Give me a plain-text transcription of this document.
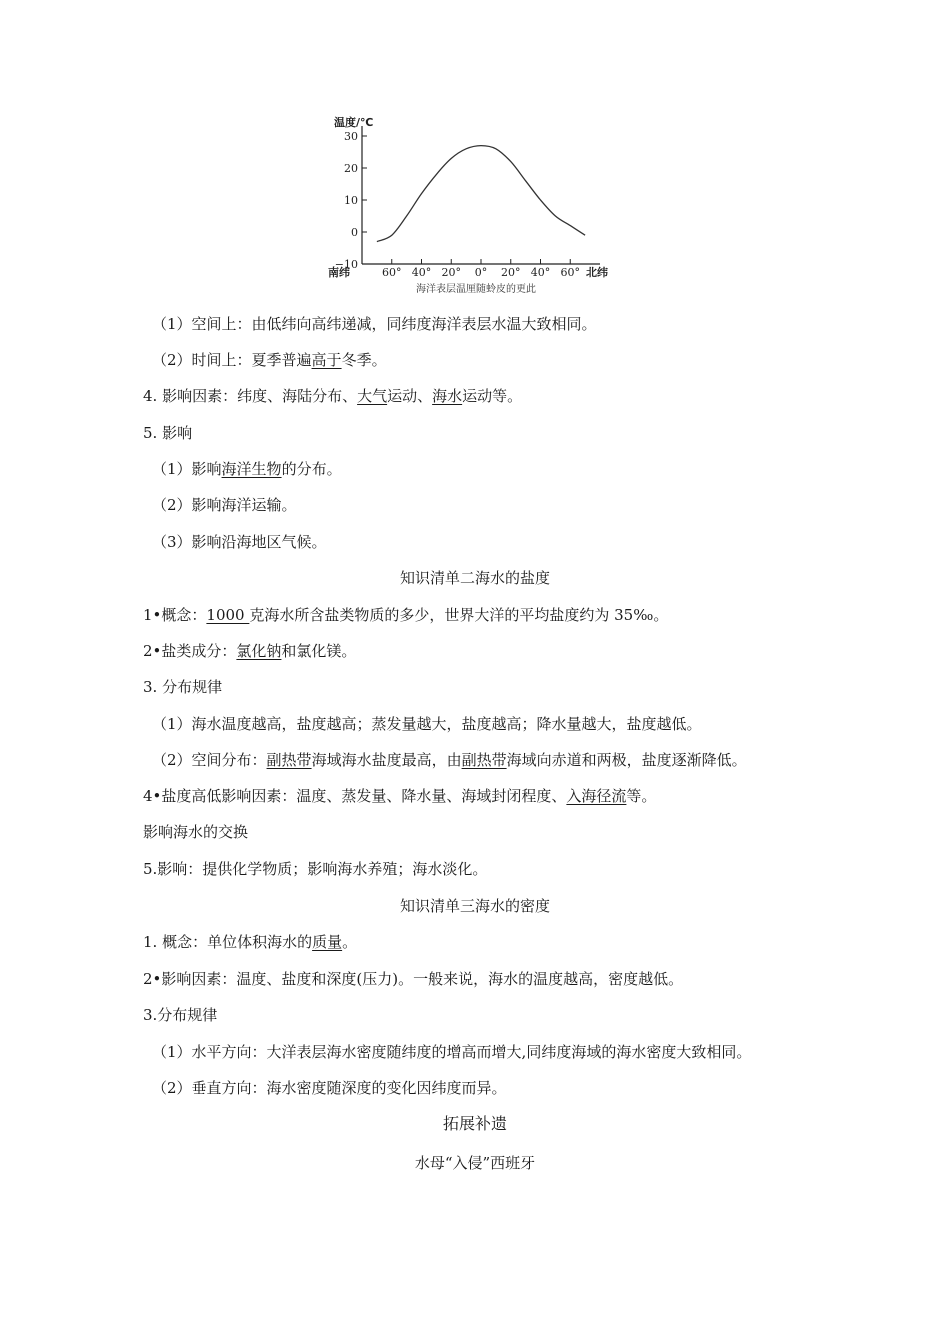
温度/℃
南纬	北纬
30
20
10
0
−10
60° 40° 20° 0° 20° 40° 60°
海洋表层温厘随蛉皮的更此
（1）空间上：由低纬向高纬递减，同纬度海洋表层水温大致相同。
（2）时间上：夏季普遍高于冬季。
4. 影响因素：纬度、海陆分布、大气运动、海水运动等。
5. 影响
（1）影响海洋生物的分布。
（2）影响海洋运输。
（3）影响沿海地区气候。
知识清单二海水的盐度
1•概念：1000 克海水所含盐类物质的多少，世界大洋的平均盐度约为 35‰。
2•盐类成分：氯化钠和氯化镁。
3. 分布规律
（1）海水温度越高，盐度越高；蒸发量越大，盐度越高；降水量越大，盐度越低。
（2）空间分布：副热带海域海水盐度最高，由副热带海域向赤道和两极，盐度逐渐降低。
4•盐度高低影响因素：温度、蒸发量、降水量、海域封闭程度、入海径流等。
影响海水的交换
5.影响：提供化学物质；影响海水养殖；海水淡化。
知识清单三海水的密度
1. 概念：单位体积海水的质量。
2•影响因素：温度、盐度和深度(压力)。一般来说，海水的温度越高，密度越低。
3.分布规律
（1）水平方向：大洋表层海水密度随纬度的增高而增大,同纬度海域的海水密度大致相同。
（2）垂直方向：海水密度随深度的变化因纬度而异。
拓展补遗
水母“入侵”西班牙
